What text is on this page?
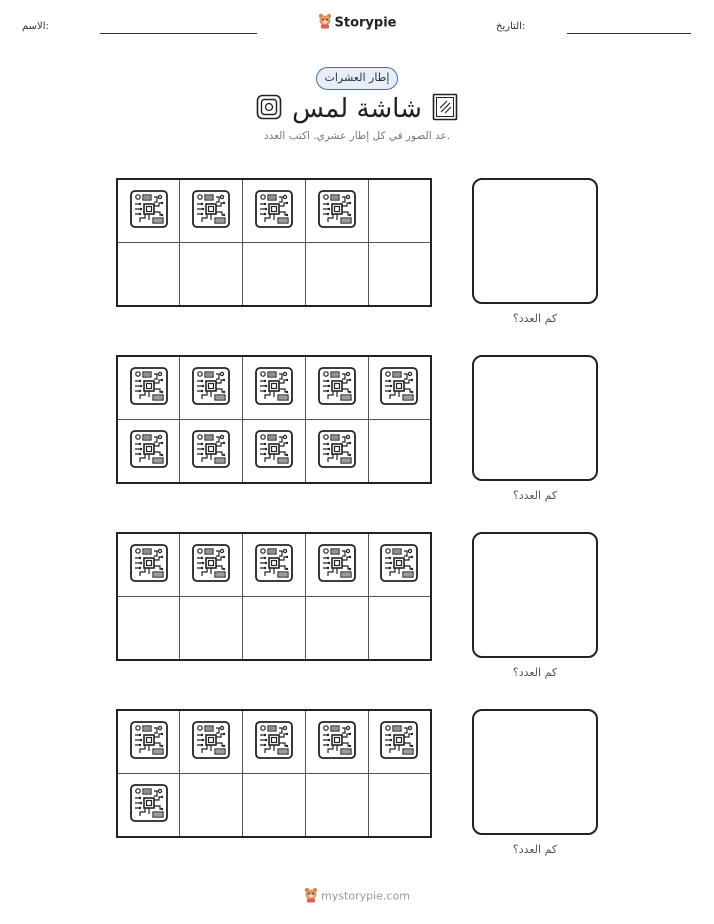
الاسم:	Storypie	التاريخ:
إطار العشرات
شاشة لمس
عد الصور في كل إطار عشري. اكتب العدد.

كم العدد؟

كم العدد؟

كم العدد؟

كم العدد؟
mystorypie.com
